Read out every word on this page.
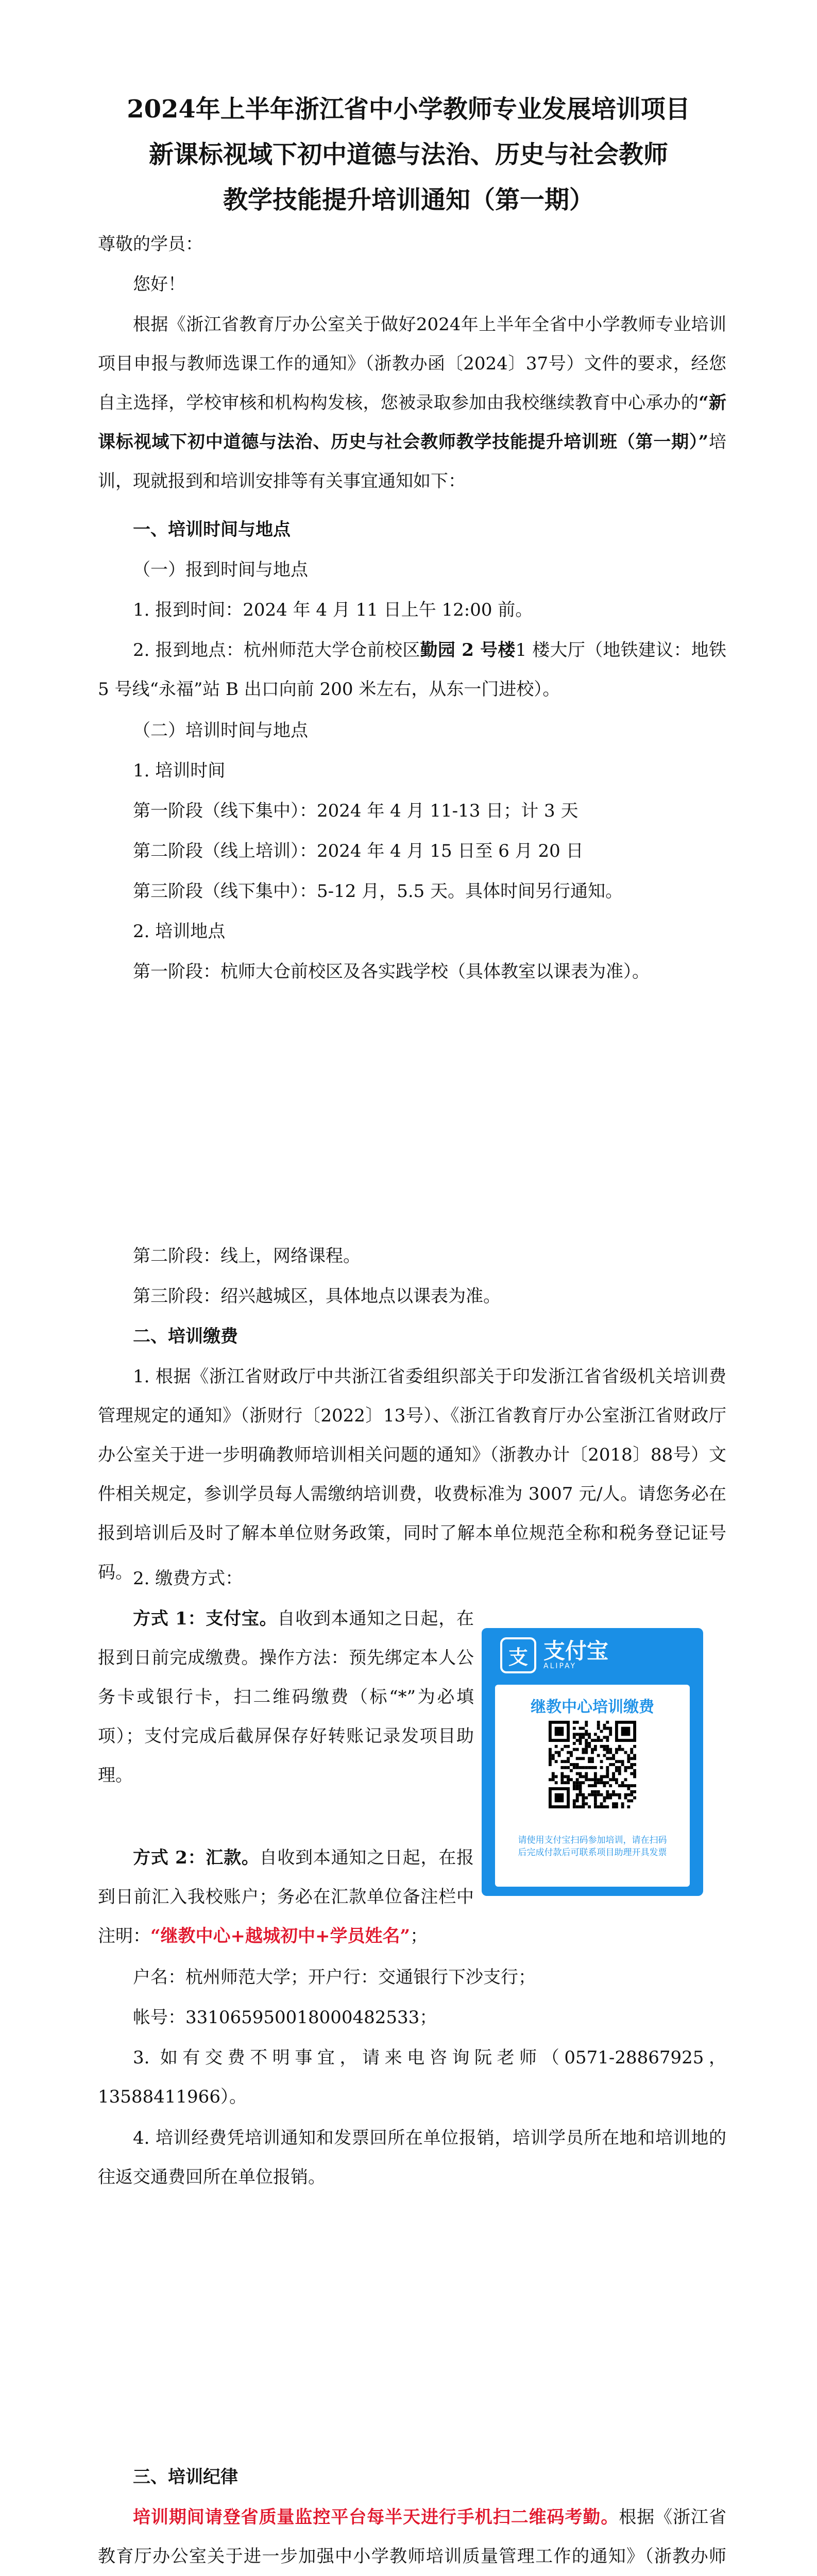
2024年上半年浙江省中小学教师专业发展培训项目
新课标视域下初中道德与法治、历史与社会教师
教学技能提升培训通知（第一期）
尊敬的学员：
您好！
根据《浙江省教育厅办公室关于做好2024年上半年全省中小学教师专业培训项目申报与教师选课工作的通知》（浙教办函〔2024〕37号）文件的要求，经您自主选择，学校审核和机构构发核，您被录取参加由我校继续教育中心承办的“新课标视域下初中道德与法治、历史与社会教师教学技能提升培训班（第一期）”培训，现就报到和培训安排等有关事宜通知如下：
一、培训时间与地点
（一）报到时间与地点
1. 报到时间：2024 年 4 月 11 日上午 12:00 前。
2. 报到地点：杭州师范大学仓前校区勤园 2 号楼1 楼大厅（地铁建议：地铁 5 号线“永福”站 B 出口向前 200 米左右，从东一门进校）。
（二）培训时间与地点
1. 培训时间
第一阶段（线下集中）：2024 年 4 月 11-13 日；计 3 天
第二阶段（线上培训）：2024 年 4 月 15 日至 6 月 20 日
第三阶段（线下集中）：5-12 月，5.5 天。具体时间另行通知。
2. 培训地点
第一阶段：杭师大仓前校区及各实践学校（具体教室以课表为准）。
第二阶段：线上，网络课程。
第三阶段：绍兴越城区，具体地点以课表为准。
二、培训缴费
1. 根据《浙江省财政厅中共浙江省委组织部关于印发浙江省省级机关培训费管理规定的通知》（浙财行〔2022〕13号）、《浙江省教育厅办公室浙江省财政厅办公室关于进一步明确教师培训相关问题的通知》（浙教办计〔2018〕88号）文件相关规定，参训学员每人需缴纳培训费，收费标准为 3007 元/人。请您务必在报到培训后及时了解本单位财务政策，同时了解本单位规范全称和税务登记证号码。 2. 缴费方式：
方式 1：支付宝。自收到本通知之日起，在报到日前完成缴费。操作方法：预先绑定本人公务卡或银行卡，扫二维码缴费（标“*”为必填项）；支付完成后截屏保存好转账记录发项目助理。
方式 2：汇款。自收到本通知之日起，在报到日前汇入我校账户；务必在汇款单位备注栏中注明：“继教中心+越城初中+学员姓名”；
户名：杭州师范大学；开户行：交通银行下沙支行；
帐号：331065950018000482533；
3. 如有交费不明事宜，请来电咨询阮老师（0571-28867925，13588411966）。
4. 培训经费凭培训通知和发票回所在单位报销，培训学员所在地和培训地的往返交通费回所在单位报销。
支 支付宝
ALIPAY
继教中心培训缴费
请使用支付宝扫码参加培训，请在扫码后完成付款后可联系项目助理开具发票
三、培训纪律
培训期间请登省质量监控平台每半天进行手机扫二维码考勤。根据《浙江省教育厅办公室关于进一步加强中小学教师培训质量管理工作的通知》（浙教办师
